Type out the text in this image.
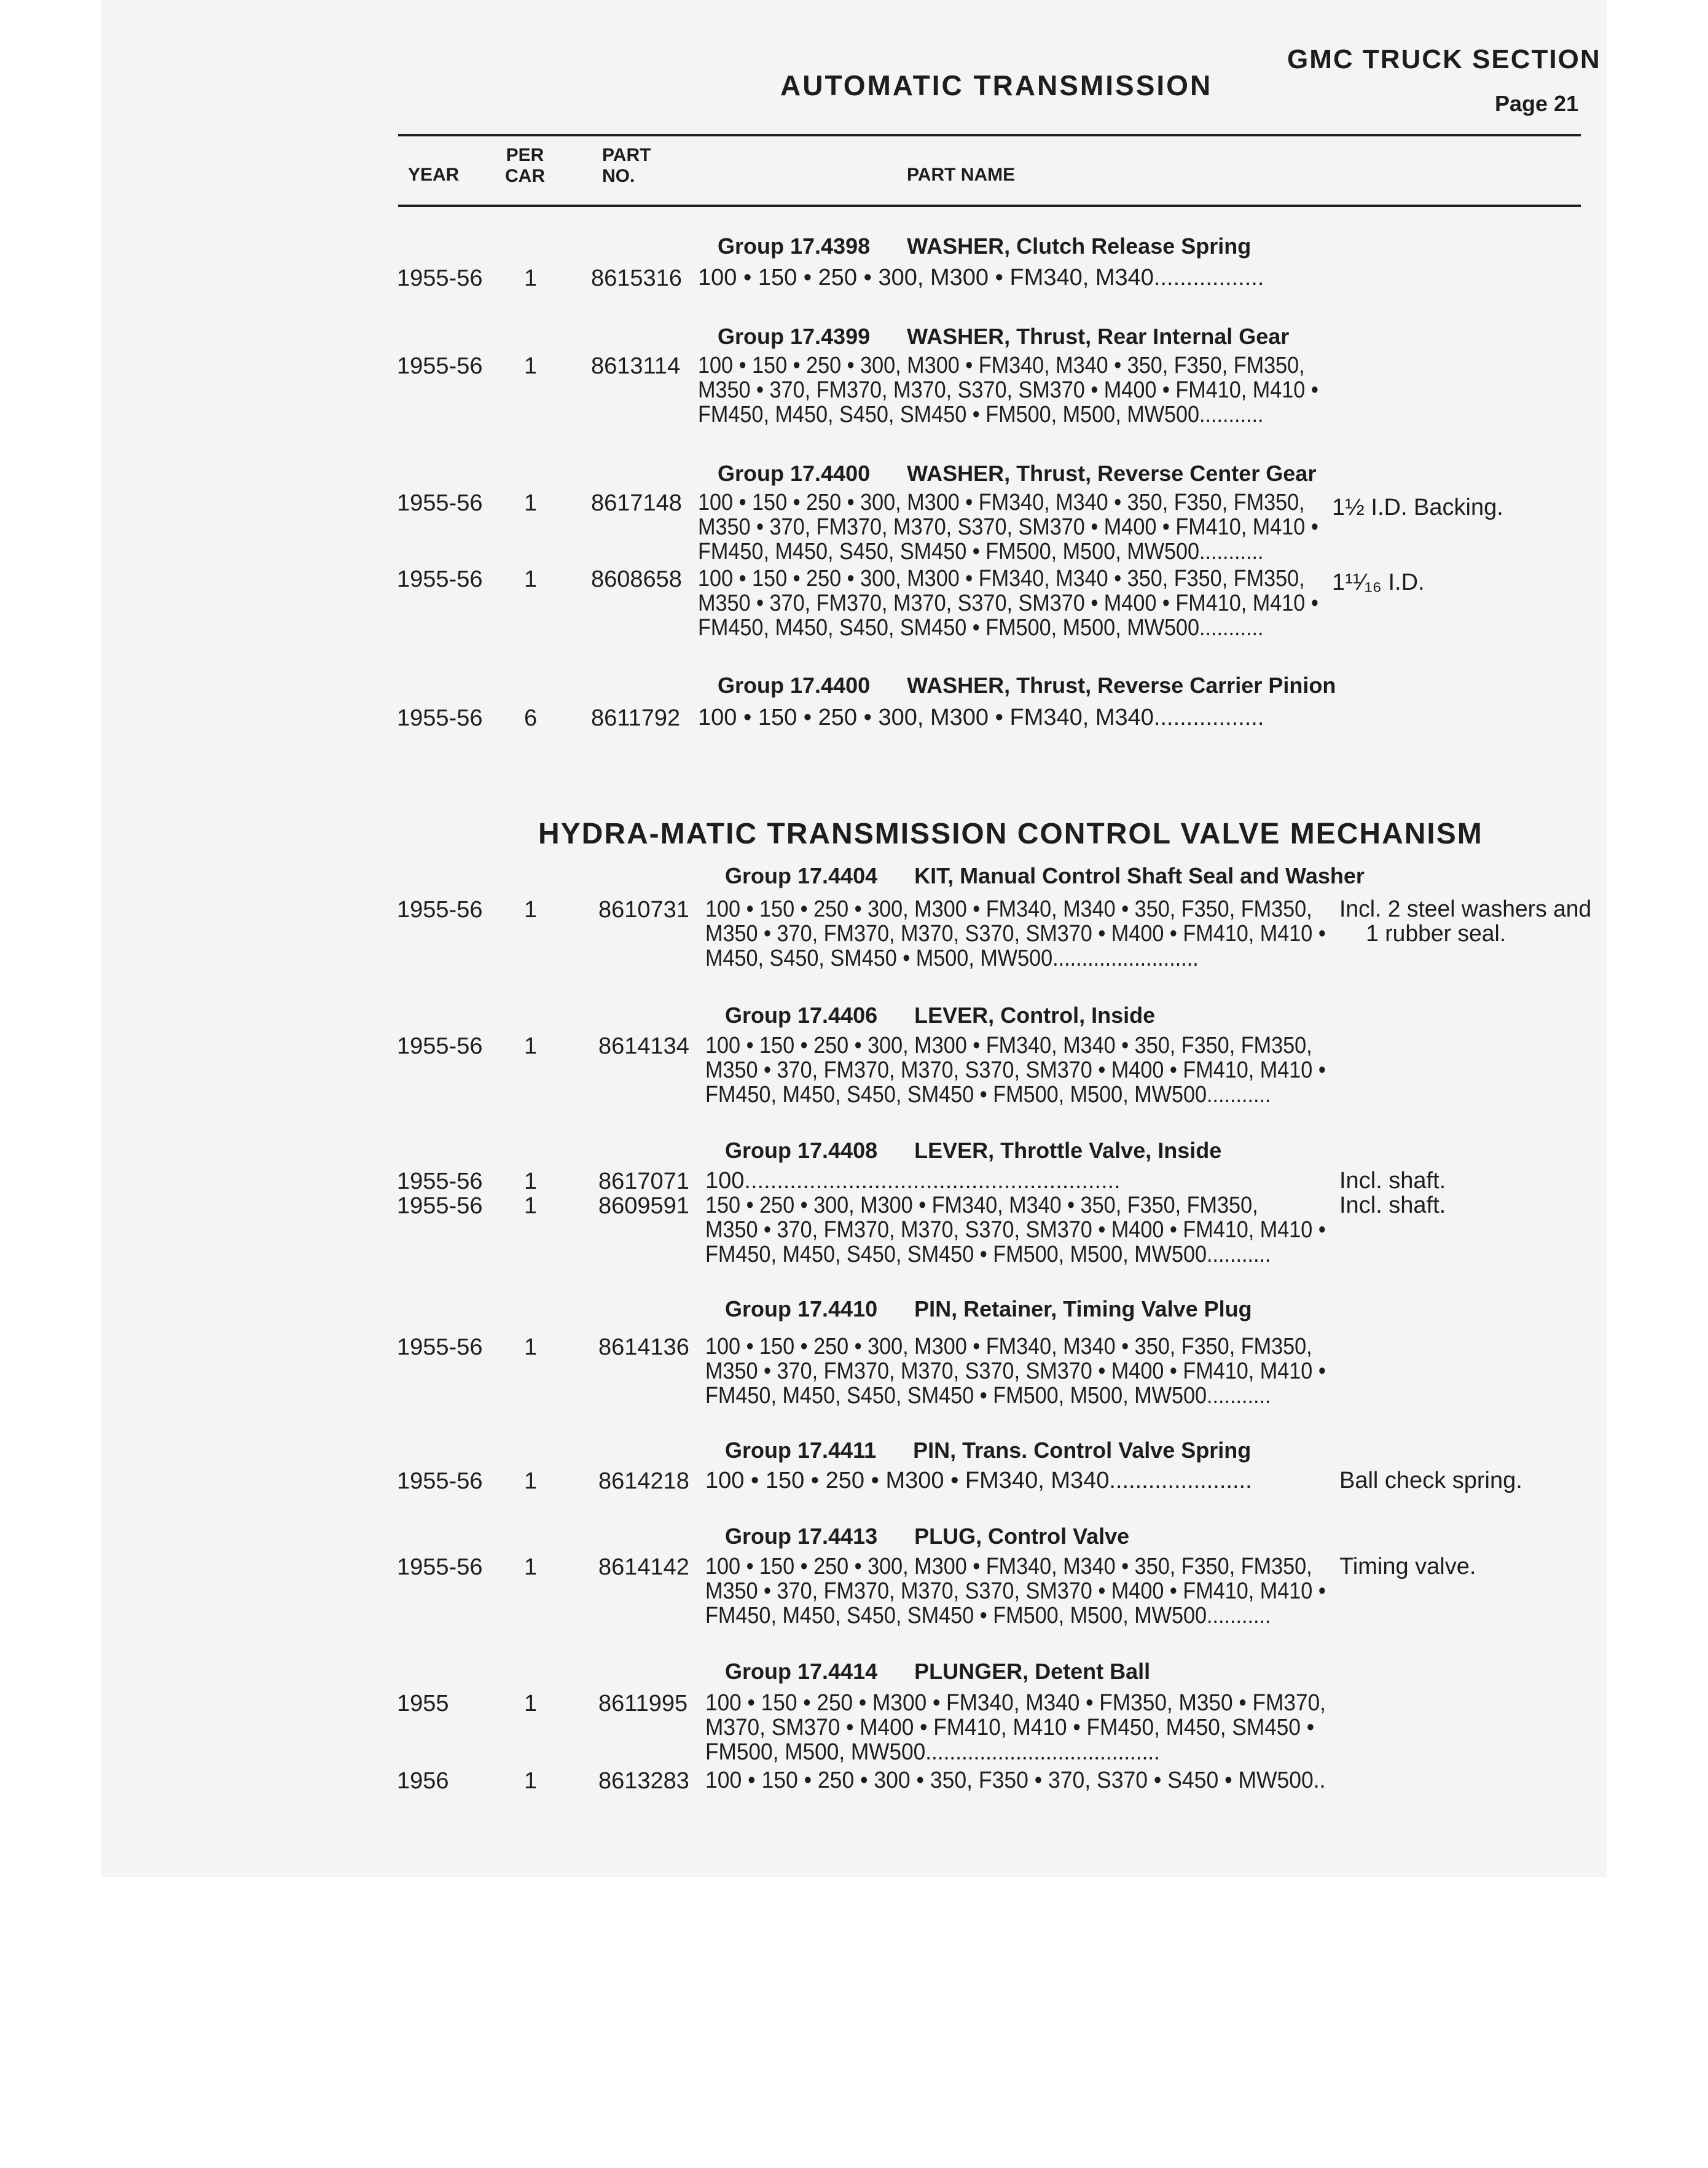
GMC TRUCK SECTION
Page 21
AUTOMATIC TRANSMISSION
YEAR
PER
CAR
PART
NO.	PART NAME
Group 17.4398 WASHER, Clutch Release Spring
1955-56 1 8615316 100 • 150 • 250 • 300, M300 • FM340, M340.................
Group 17.4399 WASHER, Thrust, Rear Internal Gear
1955-56 1 8613114 100 • 150 • 250 • 300, M300 • FM340, M340 • 350, F350, FM350,
M350 • 370, FM370, M370, S370, SM370 • M400 • FM410, M410 •
FM450, M450, S450, SM450 • FM500, M500, MW500...........
Group 17.4400 WASHER, Thrust, Reverse Center Gear
1955-56 1 8617148 100 • 150 • 250 • 300, M300 • FM340, M340 • 350, F350, FM350,
M350 • 370, FM370, M370, S370, SM370 • M400 • FM410, M410 •
FM450, M450, S450, SM450 • FM500, M500, MW500...........
1½ I.D. Backing.
1955-56 1 8608658 100 • 150 • 250 • 300, M300 • FM340, M340 • 350, F350, FM350,
M350 • 370, FM370, M370, S370, SM370 • M400 • FM410, M410 •
FM450, M450, S450, SM450 • FM500, M500, MW500...........
1¹¹⁄₁₆ I.D.
Group 17.4400 WASHER, Thrust, Reverse Carrier Pinion
1955-56 6 8611792 100 • 150 • 250 • 300, M300 • FM340, M340.................
HYDRA-MATIC TRANSMISSION CONTROL VALVE MECHANISM
Group 17.4404 KIT, Manual Control Shaft Seal and Washer
1955-56 1	8610731 100 • 150 • 250 • 300, M300 • FM340, M340 • 350, F350, FM350,
M350 • 370, FM370, M370, S370, SM370 • M400 • FM410, M410 •
M450, S450, SM450 • M500, MW500.........................
Incl. 2 steel washers and
1 rubber seal.
Group 17.4406 LEVER, Control, Inside
1955-56 1	8614134 100 • 150 • 250 • 300, M300 • FM340, M340 • 350, F350, FM350,
M350 • 370, FM370, M370, S370, SM370 • M400 • FM410, M410 •
FM450, M450, S450, SM450 • FM500, M500, MW500...........
Group 17.4408 LEVER, Throttle Valve, Inside
1955-56 1	8617071 100..........................................................	Incl. shaft.
1955-56 1	8609591 150 • 250 • 300, M300 • FM340, M340 • 350, F350, FM350,
M350 • 370, FM370, M370, S370, SM370 • M400 • FM410, M410 •
FM450, M450, S450, SM450 • FM500, M500, MW500...........
Incl. shaft.
Group 17.4410 PIN, Retainer, Timing Valve Plug
1955-56 1	8614136 100 • 150 • 250 • 300, M300 • FM340, M340 • 350, F350, FM350,
M350 • 370, FM370, M370, S370, SM370 • M400 • FM410, M410 •
FM450, M450, S450, SM450 • FM500, M500, MW500...........
Group 17.4411 PIN, Trans. Control Valve Spring
1955-56 1	8614218 100 • 150 • 250 • M300 • FM340, M340......................	Ball check spring.
Group 17.4413 PLUG, Control Valve
1955-56 1	8614142 100 • 150 • 250 • 300, M300 • FM340, M340 • 350, F350, FM350,
M350 • 370, FM370, M370, S370, SM370 • M400 • FM410, M410 •
FM450, M450, S450, SM450 • FM500, M500, MW500...........
Timing valve.
Group 17.4414 PLUNGER, Detent Ball
1955	1	8611995 100 • 150 • 250 • M300 • FM340, M340 • FM350, M350 • FM370,
M370, SM370 • M400 • FM410, M410 • FM450, M450, SM450 •
FM500, M500, MW500.......................................
1956	1	8613283 100 • 150 • 250 • 300 • 350, F350 • 370, S370 • S450 • MW500..
